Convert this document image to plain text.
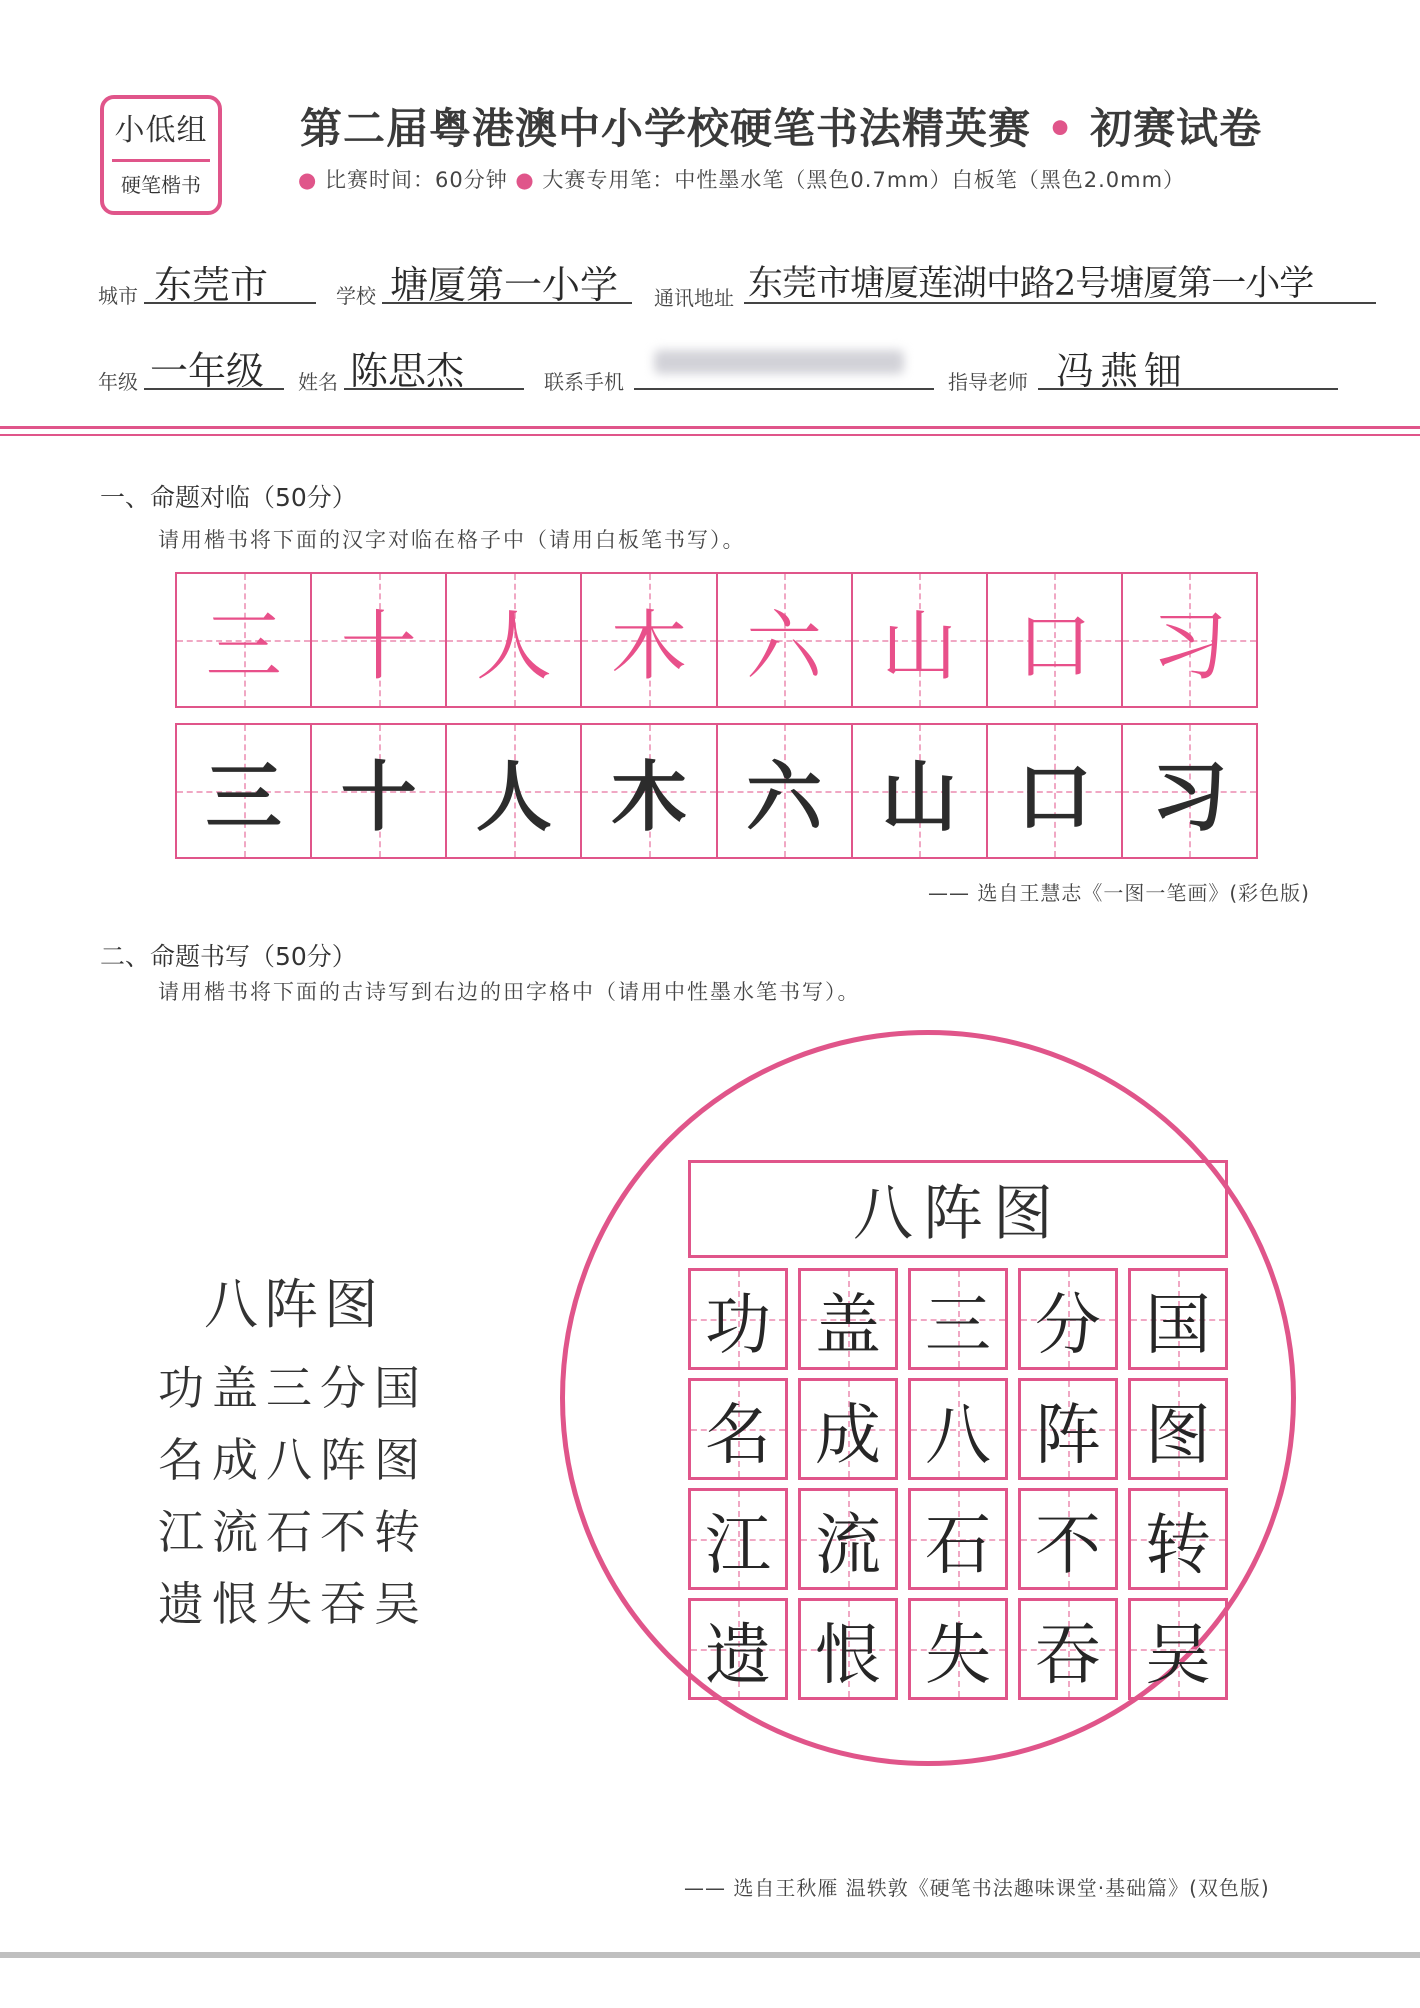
小低组
硬笔楷书
第二届粤港澳中小学校硬笔书法精英赛 • 初赛试卷
● 比赛时间：60分钟 ● 大赛专用笔：中性墨水笔（黑色0.7mm）白板笔（黑色2.0mm）
城市 东莞市	学校 塘厦第一小学 通讯地址 东莞市塘厦莲湖中路2号塘厦第一小学
年级 一年级 姓名 陈思杰	联系手机	指导老师 冯燕钿
一、命题对临（50分）
请用楷书将下面的汉字对临在格子中（请用白板笔书写）。
三 十 人 木 六 山 口 习
三 十 人 木 六 山 口 习
—— 选自王慧志《一图一笔画》(彩色版)
二、命题书写（50分）
请用楷书将下面的古诗写到右边的田字格中（请用中性墨水笔书写）。
八阵图
功盖三分国
名成八阵图
江流石不转
遗恨失吞吴
八阵图
功 盖 三 分 国
名 成 八 阵 图
江 流 石 不 转
遗 恨 失 吞 吴
—— 选自王秋雁 温轶敦《硬笔书法趣味课堂·基础篇》(双色版)
